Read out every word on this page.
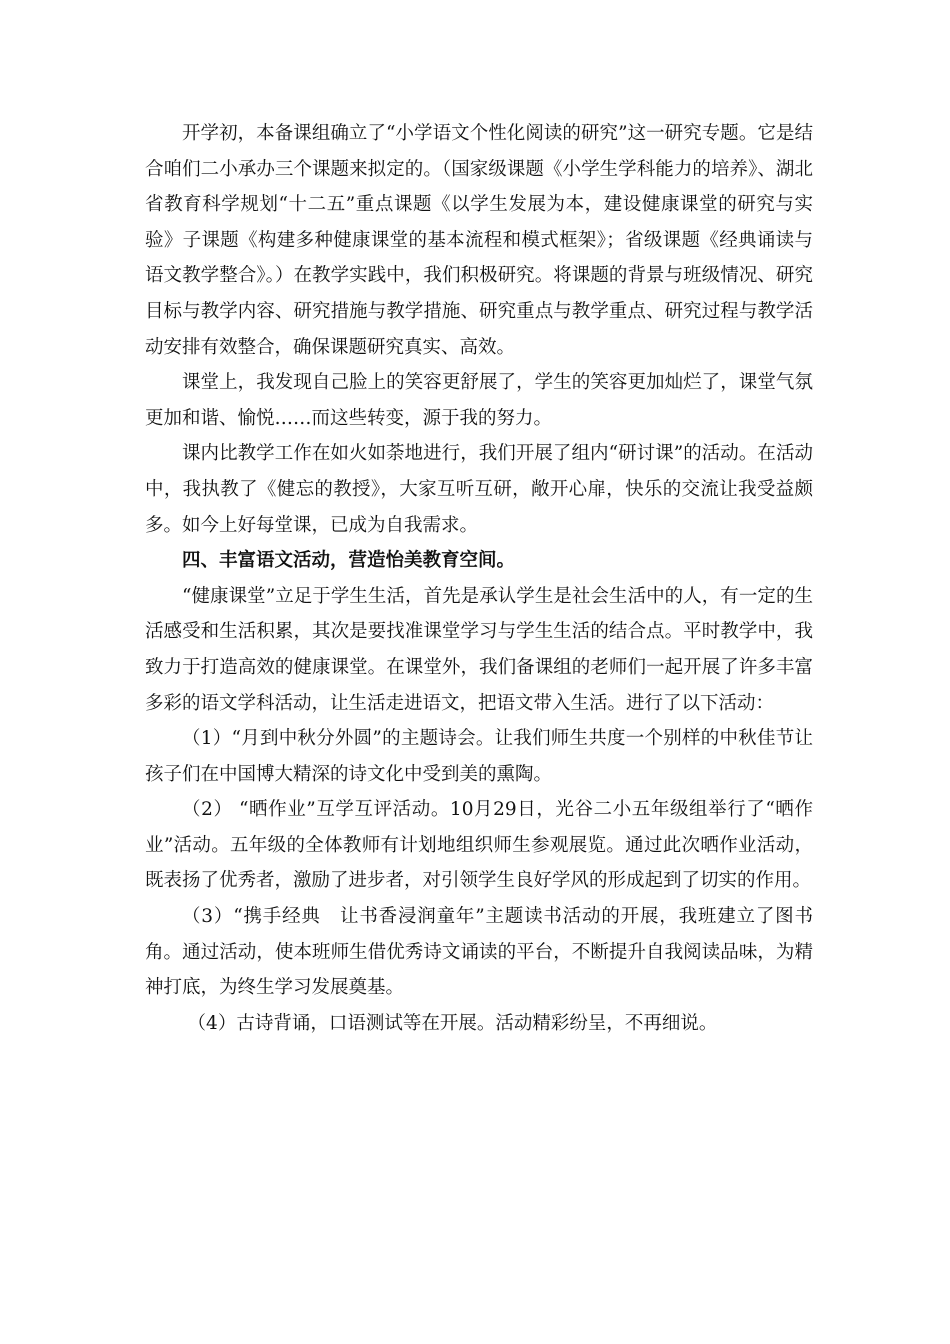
开学初，本备课组确立了“小学语文个性化阅读的研究”这一研究专题。它是结合咱们二小承办三个课题来拟定的。（国家级课题《小学生学科能力的培养》、湖北省教育科学规划“十二五”重点课题《以学生发展为本，建设健康课堂的研究与实验》子课题《构建多种健康课堂的基本流程和模式框架》；省级课题《经典诵读与语文教学整合》。）在教学实践中，我们积极研究。将课题的背景与班级情况、研究目标与教学内容、研究措施与教学措施、研究重点与教学重点、研究过程与教学活动安排有效整合，确保课题研究真实、高效。

课堂上，我发现自己脸上的笑容更舒展了，学生的笑容更加灿烂了，课堂气氛更加和谐、愉悦……而这些转变，源于我的努力。

课内比教学工作在如火如荼地进行，我们开展了组内“研讨课”的活动。在活动中，我执教了《健忘的教授》，大家互听互研，敞开心扉，快乐的交流让我受益颇多。如今上好每堂课，已成为自我需求。

四、丰富语文活动，营造怡美教育空间。

“健康课堂”立足于学生生活，首先是承认学生是社会生活中的人，有一定的生活感受和生活积累，其次是要找准课堂学习与学生生活的结合点。平时教学中，我致力于打造高效的健康课堂。在课堂外，我们备课组的老师们一起开展了许多丰富多彩的语文学科活动，让生活走进语文，把语文带入生活。进行了以下活动：

（1）“月到中秋分外圆”的主题诗会。让我们师生共度一个别样的中秋佳节让孩子们在中国博大精深的诗文化中受到美的熏陶。

（2） “晒作业”互学互评活动。10月29日，光谷二小五年级组举行了“晒作业”活动。五年级的全体教师有计划地组织师生参观展览。通过此次晒作业活动，既表扬了优秀者，激励了进步者，对引领学生良好学风的形成起到了切实的作用。

（3）“携手经典　让书香浸润童年”主题读书活动的开展，我班建立了图书角。通过活动，使本班师生借优秀诗文诵读的平台，不断提升自我阅读品味，为精神打底，为终生学习发展奠基。

（4）古诗背诵，口语测试等在开展。活动精彩纷呈，不再细说。
